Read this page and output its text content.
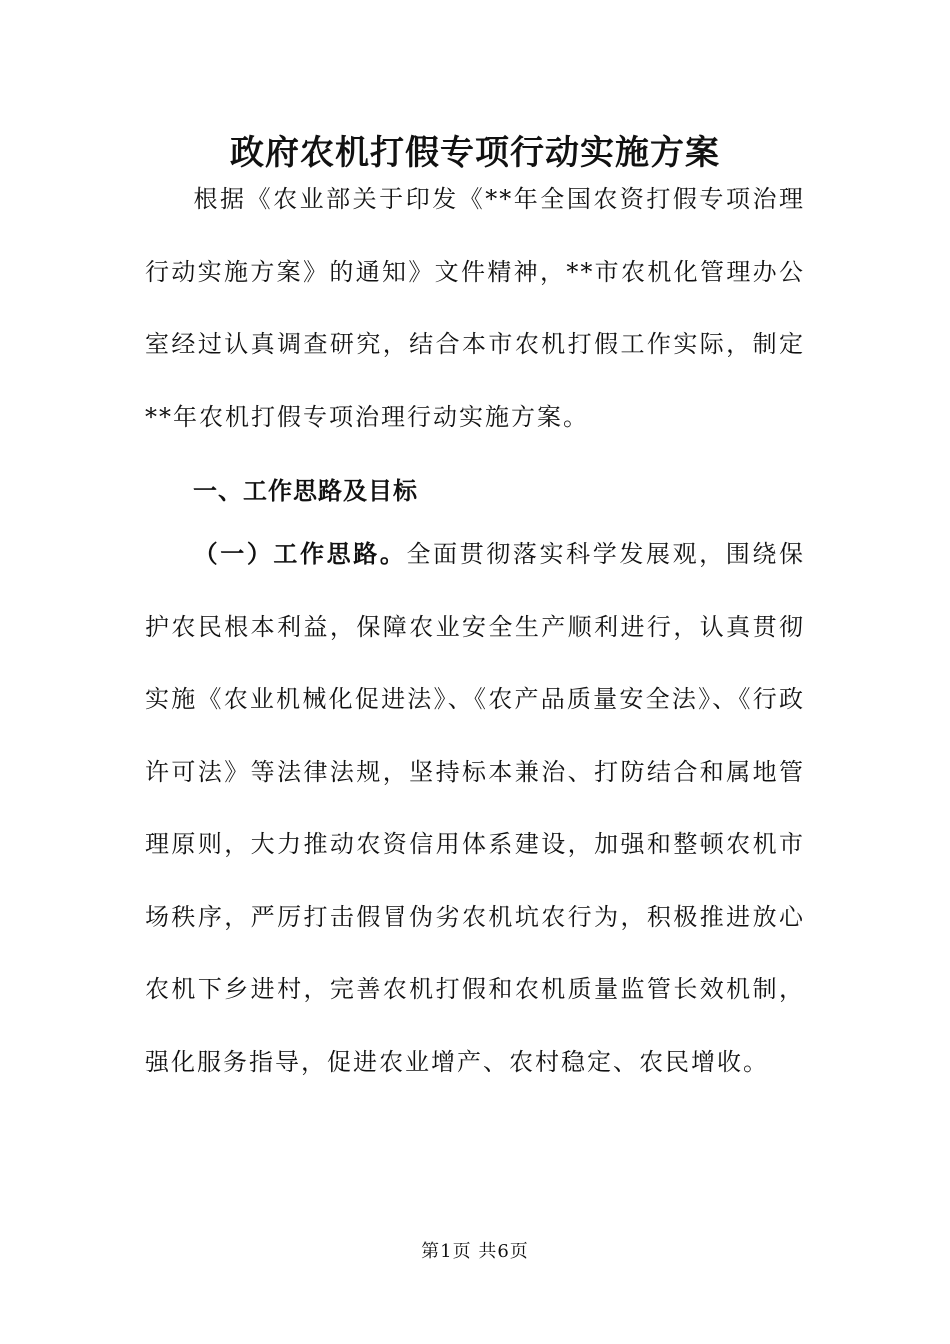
政府农机打假专项行动实施方案
根据《农业部关于印发《**年全国农资打假专项治理行动实施方案》的通知》文件精神，**市农机化管理办公室经过认真调查研究，结合本市农机打假工作实际，制定**年农机打假专项治理行动实施方案。
一、工作思路及目标
（一）工作思路。全面贯彻落实科学发展观，围绕保护农民根本利益，保障农业安全生产顺利进行，认真贯彻实施《农业机械化促进法》、《农产品质量安全法》、《行政许可法》等法律法规，坚持标本兼治、打防结合和属地管理原则，大力推动农资信用体系建设，加强和整顿农机市场秩序，严厉打击假冒伪劣农机坑农行为，积极推进放心农机下乡进村，完善农机打假和农机质量监管长效机制，强化服务指导，促进农业增产、农村稳定、农民增收。
第1页 共6页
